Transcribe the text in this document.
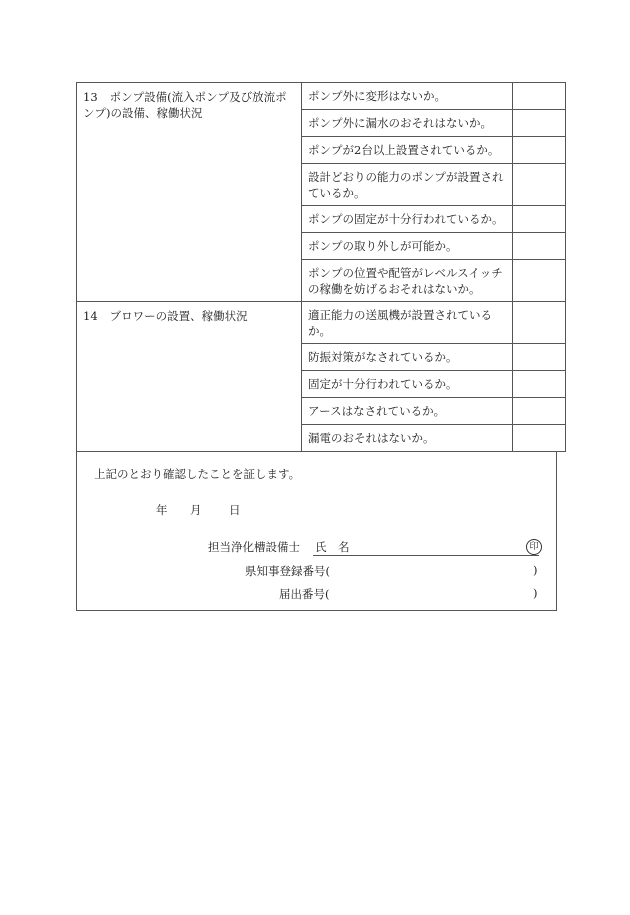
13 ポンプ設備(流入ポンプ及び放流ポンプ)の設備、稼働状況	ポンプ外に変形はないか。	
	ポンプ外に漏水のおそれはないか。	
	ポンプが2台以上設置されているか。	
	設計どおりの能力のポンプが設置されているか。	
	ポンプの固定が十分行われているか。	
	ポンプの取り外しが可能か。	
	ポンプの位置や配管がレベルスイッチの稼働を妨げるおそれはないか。	
14 ブロワーの設置、稼働状況	適正能力の送風機が設置されているか。	
	防振対策がなされているか。	
	固定が十分行われているか。	
	アースはなされているか。	
	漏電のおそれはないか。	
上記のとおり確認したことを証します。
年 月 日
担当浄化槽設備士 氏　名	印
県知事登録番号(	)
届出番号(	)
